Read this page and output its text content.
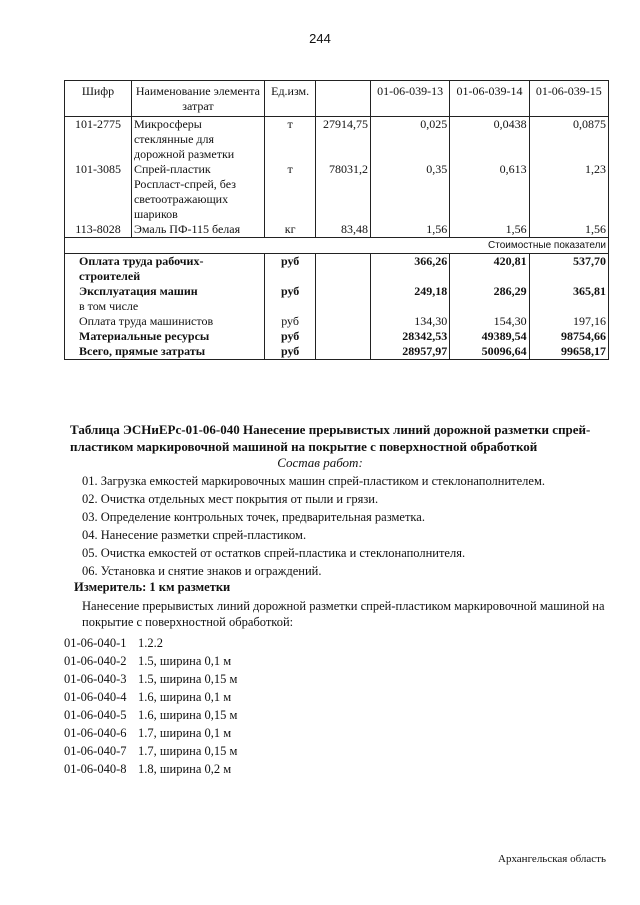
244
Шифр	Наименование элемента затрат	Ед.изм.		01-06-039-13	01-06-039-14	01-06-039-15
101-2775	Микросферы стеклянные для дорожной разметки	т	27914,75	0,025	0,0438	0,0875
101-3085	Спрей-пластик Роспласт-спрей, без светоотражающих шариков	т	78031,2	0,35	0,613	1,23
113-8028	Эмаль ПФ-115 белая	кг	83,48	1,56	1,56	1,56
Стоимостные показатели						
Оплата труда рабочих-строителей		руб		366,26	420,81	537,70
Эксплуатация машин		руб		249,18	286,29	365,81
в том числе						
Оплата труда машинистов		руб		134,30	154,30	197,16
Материальные ресурсы		руб		28342,53	49389,54	98754,66
Всего, прямые затраты		руб		28957,97	50096,64	99658,17
Таблица ЭСНиЕРс-01-06-040 Нанесение прерывистых линий дорожной разметки спрей-пластиком маркировочной машиной на покрытие с поверхностной обработкой
Состав работ:
01. Загрузка емкостей маркировочных машин спрей-пластиком и стеклонаполнителем.
02. Очистка отдельных мест покрытия от пыли и грязи.
03. Определение контрольных точек, предварительная разметка.
04. Нанесение разметки спрей-пластиком.
05. Очистка емкостей от остатков спрей-пластика и стеклонаполнителя.
06. Установка и снятие знаков и ограждений.
Измеритель: 1 км разметки
Нанесение прерывистых линий дорожной разметки спрей-пластиком маркировочной машиной на покрытие с поверхностной обработкой:
01-06-040-1 1.2.2
01-06-040-2 1.5, ширина 0,1 м
01-06-040-3 1.5, ширина 0,15 м
01-06-040-4 1.6, ширина 0,1 м
01-06-040-5 1.6, ширина 0,15 м
01-06-040-6 1.7, ширина 0,1 м
01-06-040-7 1.7, ширина 0,15 м
01-06-040-8 1.8, ширина 0,2 м
Архангельская область
